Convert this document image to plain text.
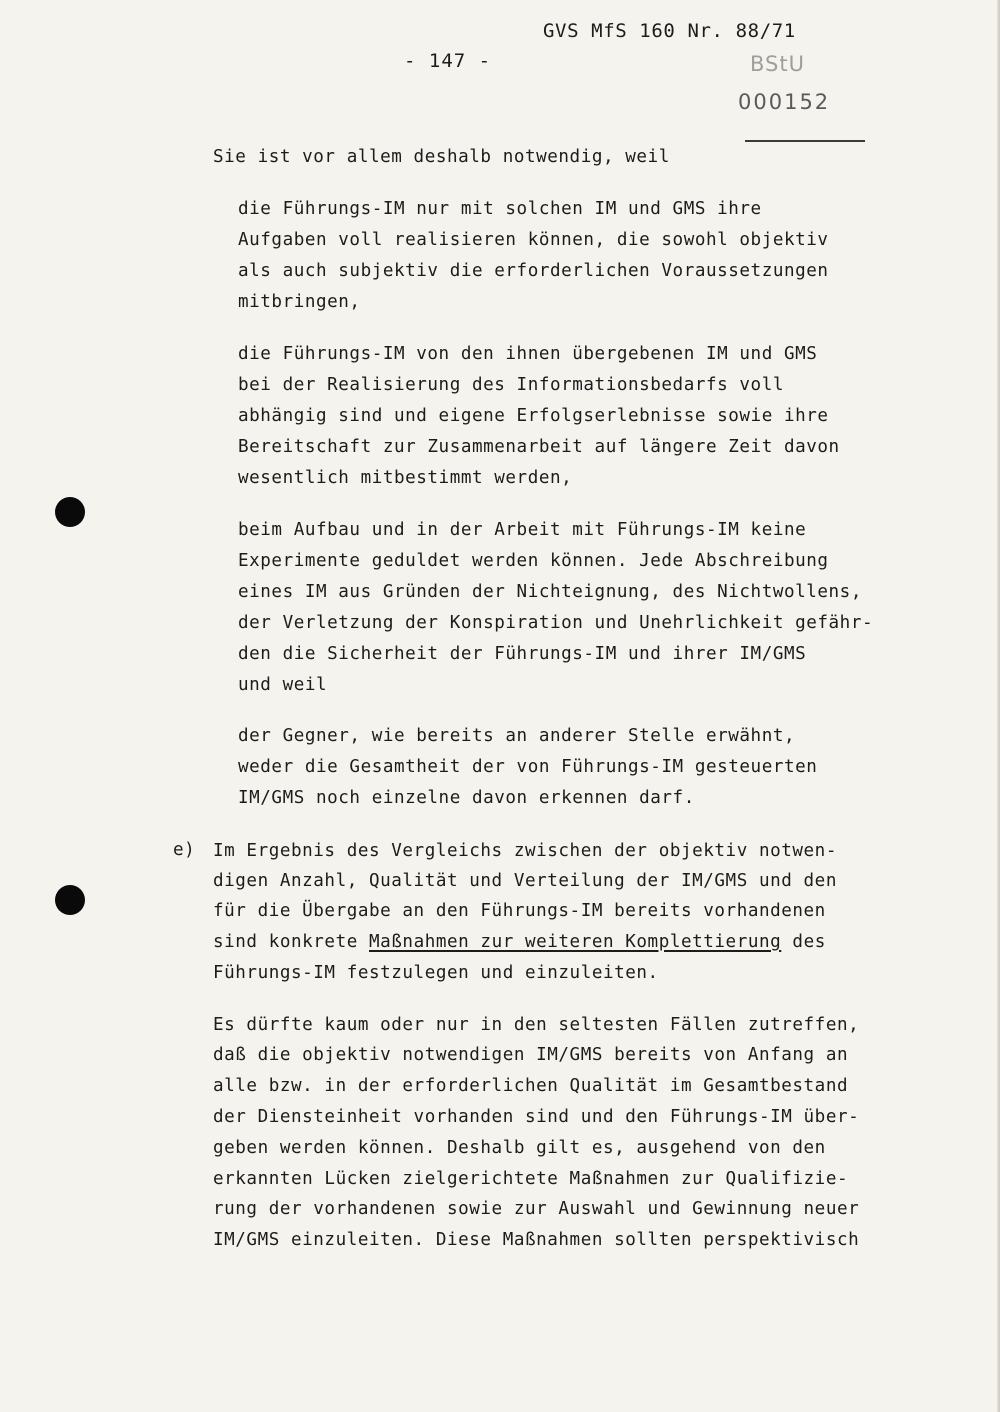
GVS MfS 160 Nr. 88/71
- 147 -	BStU
000152
Sie ist vor allem deshalb notwendig, weil
die Führungs-IM nur mit solchen IM und GMS ihre
Aufgaben voll realisieren können, die sowohl objektiv
als auch subjektiv die erforderlichen Voraussetzungen
mitbringen,
die Führungs-IM von den ihnen übergebenen IM und GMS
bei der Realisierung des Informationsbedarfs voll
abhängig sind und eigene Erfolgserlebnisse sowie ihre
Bereitschaft zur Zusammenarbeit auf längere Zeit davon
wesentlich mitbestimmt werden,
beim Aufbau und in der Arbeit mit Führungs-IM keine
Experimente geduldet werden können. Jede Abschreibung
eines IM aus Gründen der Nichteignung, des Nichtwollens,
der Verletzung der Konspiration und Unehrlichkeit gefähr-
den die Sicherheit der Führungs-IM und ihrer IM/GMS
und weil
der Gegner, wie bereits an anderer Stelle erwähnt,
weder die Gesamtheit der von Führungs-IM gesteuerten
IM/GMS noch einzelne davon erkennen darf.
e) Im Ergebnis des Vergleichs zwischen der objektiv notwen-
digen Anzahl, Qualität und Verteilung der IM/GMS und den
für die Übergabe an den Führungs-IM bereits vorhandenen
sind konkrete Maßnahmen zur weiteren Komplettierung des
Führungs-IM festzulegen und einzuleiten.
Es dürfte kaum oder nur in den seltesten Fällen zutreffen,
daß die objektiv notwendigen IM/GMS bereits von Anfang an
alle bzw. in der erforderlichen Qualität im Gesamtbestand
der Diensteinheit vorhanden sind und den Führungs-IM über-
geben werden können. Deshalb gilt es, ausgehend von den
erkannten Lücken zielgerichtete Maßnahmen zur Qualifizie-
rung der vorhandenen sowie zur Auswahl und Gewinnung neuer
IM/GMS einzuleiten. Diese Maßnahmen sollten perspektivisch
